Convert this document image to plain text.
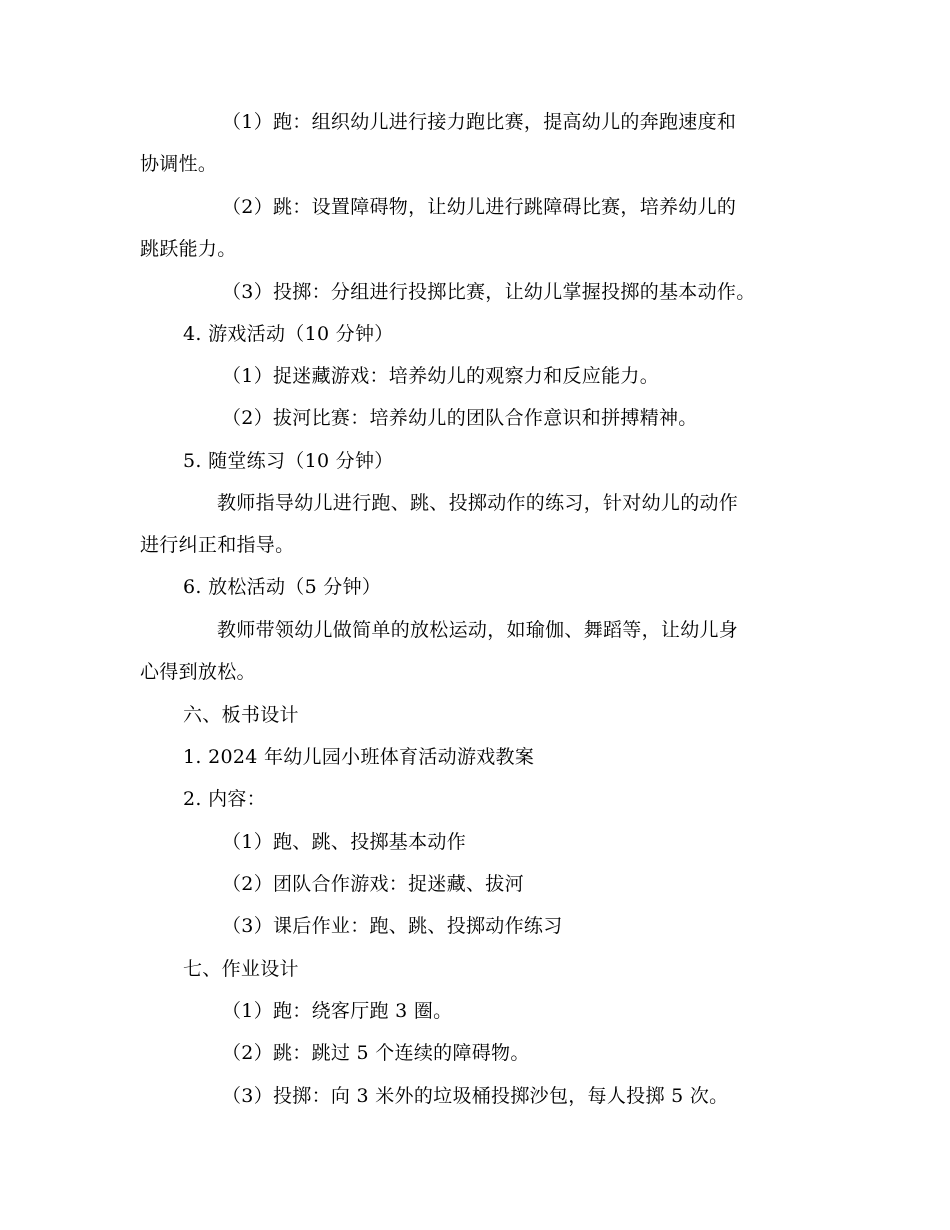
（1）跑：组织幼儿进行接力跑比赛，提高幼儿的奔跑速度和
协调性。
（2）跳：设置障碍物，让幼儿进行跳障碍比赛，培养幼儿的
跳跃能力。
（3）投掷：分组进行投掷比赛，让幼儿掌握投掷的基本动作。
4. 游戏活动（10 分钟）
（1）捉迷藏游戏：培养幼儿的观察力和反应能力。
（2）拔河比赛：培养幼儿的团队合作意识和拼搏精神。
5. 随堂练习（10 分钟）
教师指导幼儿进行跑、跳、投掷动作的练习，针对幼儿的动作
进行纠正和指导。
6. 放松活动（5 分钟）
教师带领幼儿做简单的放松运动，如瑜伽、舞蹈等，让幼儿身
心得到放松。
六、板书设计
1. 2024 年幼儿园小班体育活动游戏教案
2. 内容：
（1）跑、跳、投掷基本动作
（2）团队合作游戏：捉迷藏、拔河
（3）课后作业：跑、跳、投掷动作练习
七、作业设计
（1）跑：绕客厅跑 3 圈。
（2）跳：跳过 5 个连续的障碍物。
（3）投掷：向 3 米外的垃圾桶投掷沙包，每人投掷 5 次。
